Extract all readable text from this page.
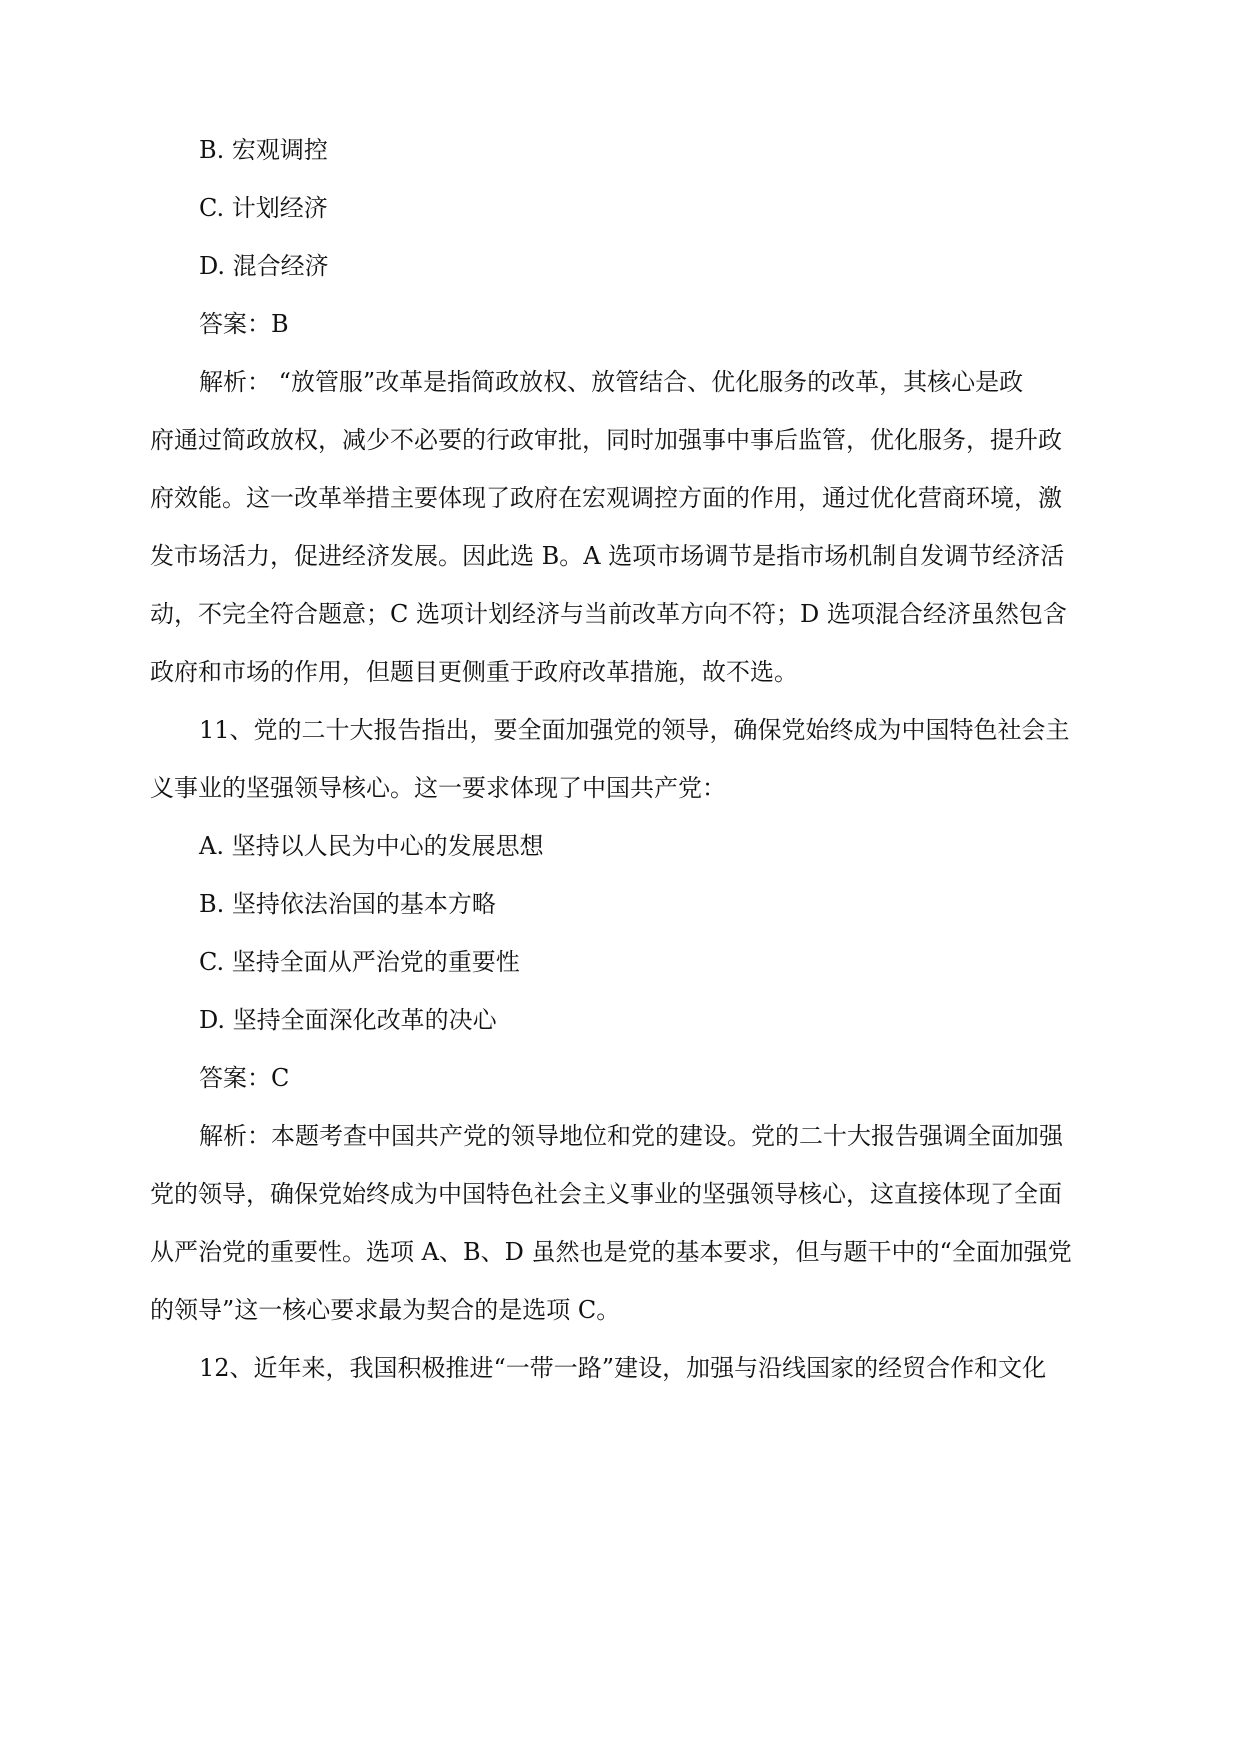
B. 宏观调控
C. 计划经济
D. 混合经济
答案：B
解析： “放管服”改革是指简政放权、放管结合、优化服务的改革，其核心是政
府通过简政放权，减少不必要的行政审批，同时加强事中事后监管，优化服务，提升政
府效能。这一改革举措主要体现了政府在宏观调控方面的作用，通过优化营商环境，激
发市场活力，促进经济发展。因此选 B。A 选项市场调节是指市场机制自发调节经济活
动，不完全符合题意；C 选项计划经济与当前改革方向不符；D 选项混合经济虽然包含
政府和市场的作用，但题目更侧重于政府改革措施，故不选。
11、党的二十大报告指出，要全面加强党的领导，确保党始终成为中国特色社会主
义事业的坚强领导核心。这一要求体现了中国共产党：
A. 坚持以人民为中心的发展思想
B. 坚持依法治国的基本方略
C. 坚持全面从严治党的重要性
D. 坚持全面深化改革的决心
答案：C
解析：本题考查中国共产党的领导地位和党的建设。党的二十大报告强调全面加强
党的领导，确保党始终成为中国特色社会主义事业的坚强领导核心，这直接体现了全面
从严治党的重要性。选项 A、B、D 虽然也是党的基本要求，但与题干中的“全面加强党
的领导”这一核心要求最为契合的是选项 C。
12、近年来，我国积极推进“一带一路”建设，加强与沿线国家的经贸合作和文化
